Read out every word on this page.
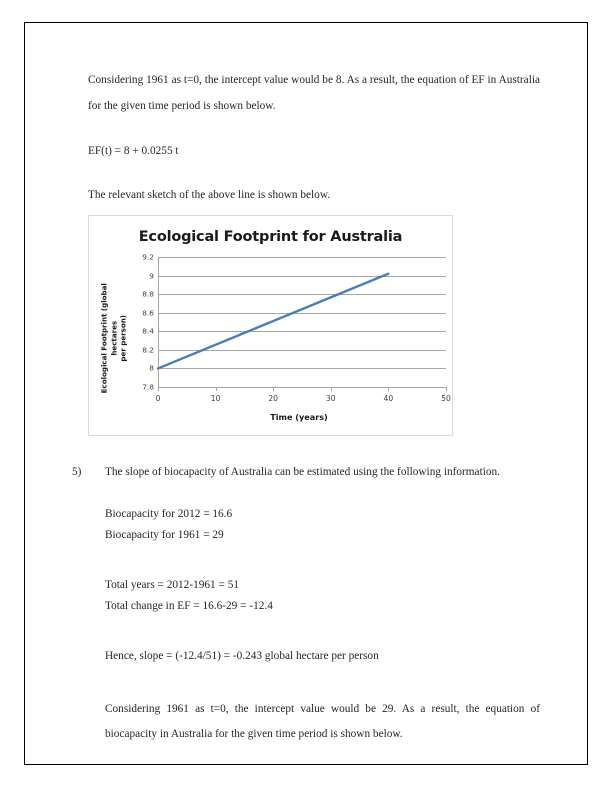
Considering 1961 as t=0, the intercept value would be 8. As a result, the equation of EF in Australia for the given time period is shown below.

EF(t) = 8 + 0.0255 t

The relevant sketch of the above line is shown below.

Ecological Footprint for Australia
Ecological Footprint (global hectares per person)
7.8
8
8.2
8.4
8.6
8.8
9
9.2
0	10	20	30	40	50
Time (years)
5)	The slope of biocapacity of Australia can be estimated using the following information.

Biocapacity for 2012 = 16.6

Biocapacity for 1961 = 29

Total years = 2012-1961 = 51

Total change in EF = 16.6-29 = -12.4

Hence, slope = (-12.4/51) = -0.243 global hectare per person

Considering 1961 as t=0, the intercept value would be 29. As a result, the equation of biocapacity in Australia for the given time period is shown below.
